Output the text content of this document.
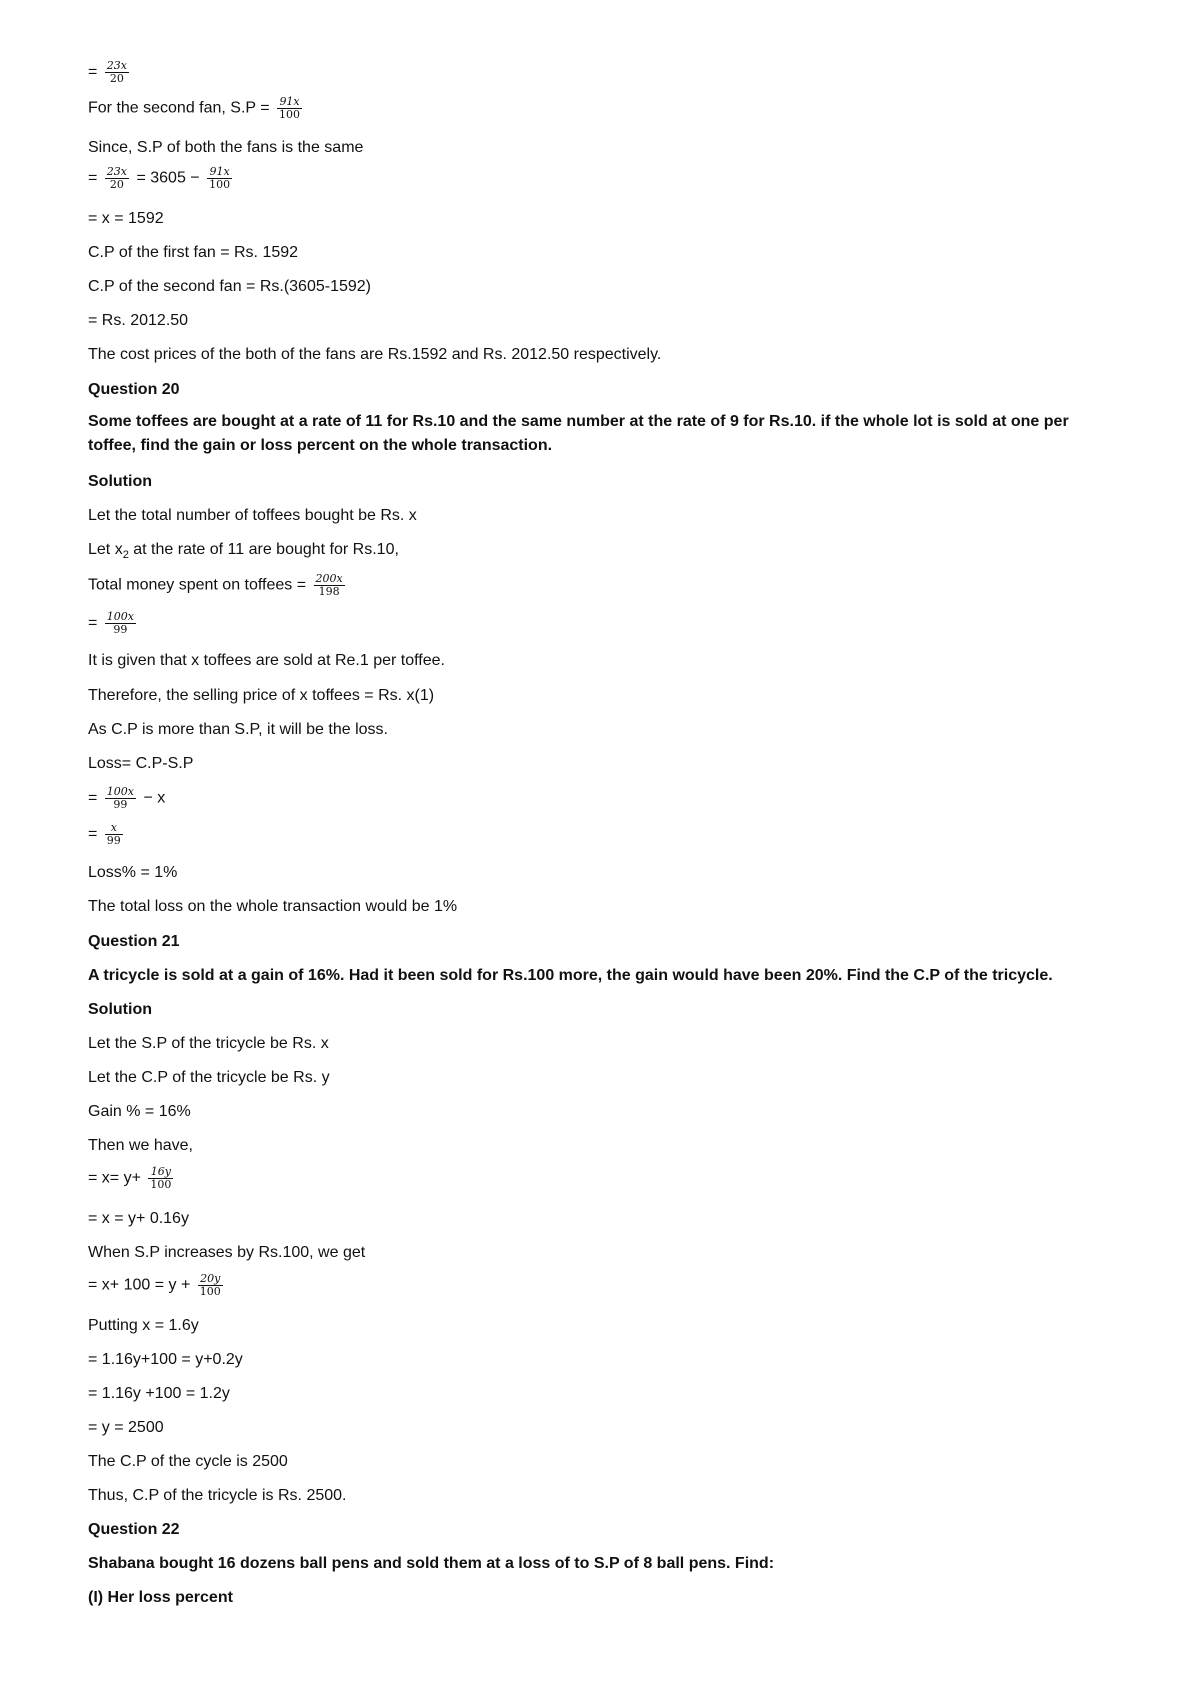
= $\frac{23x}{20}$
For the second fan, $S.P = \frac{91x}{100}$
Since, S.P of both the fans is the same
= $\frac{23x}{20} = 3605 - \frac{91x}{100}$
= x = 1592
C.P of the first fan = Rs. 1592
C.P of the second fan = Rs.(3605-1592)
= Rs. 2012.50
The cost prices of the both of the fans are Rs.1592 and Rs. 2012.50 respectively.
Question 20
Some toffees are bought at a rate of 11 for Rs.10 and the same number at the rate of 9 for Rs.10. if the whole lot is sold at one per toffee, find the gain or loss percent on the whole transaction.
Solution
Let the total number of toffees bought be Rs. x
Let $x_2$ at the rate of 11 are bought for Rs.10,
Total money spent on toffees = $\frac{200x}{198}$
= $\frac{100x}{99}$
It is given that x toffees are sold at Re.1 per toffee.
Therefore, the selling price of x toffees = Rs. x(1)
As C.P is more than S.P, it will be the loss.
Loss= C.P-S.P
= $\frac{100x}{99} - x$
= $\frac{x}{99}$
Loss% = 1%
The total loss on the whole transaction would be 1%
Question 21
A tricycle is sold at a gain of 16%. Had it been sold for Rs.100 more, the gain would have been 20%. Find the C.P of the tricycle.
Solution
Let the S.P of the tricycle be Rs. x
Let the C.P of the tricycle be Rs. y
Gain % = 16%
Then we have,
= $x= y+ \frac{16y}{100}$
= x = y+ 0.16y
When S.P increases by Rs.100, we get
= $x+ 100 = y + \frac{20y}{100}$
Putting x = 1.6y
= 1.16y+100 = y+0.2y
= 1.16y +100 = 1.2y
= y = 2500
The C.P of the cycle is 2500
Thus, C.P of the tricycle is Rs. 2500.
Question 22
Shabana bought 16 dozens ball pens and sold them at a loss of to S.P of 8 ball pens. Find:
(I) Her loss percent
